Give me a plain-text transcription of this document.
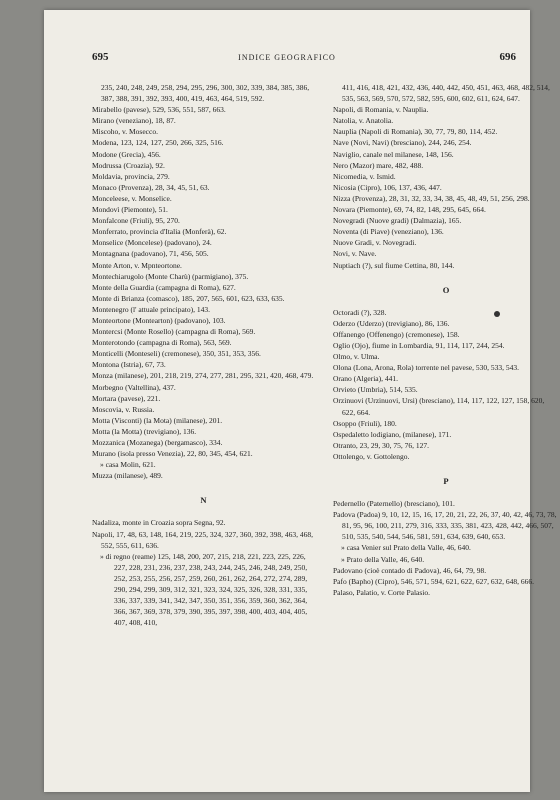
695	INDICE GEOGRAFICO	696

235, 240, 248, 249, 258, 294, 295, 296, 300, 302, 339, 384, 385, 386, 387, 388, 391, 392, 393, 400, 419, 463, 464, 519, 592.

Mirabello (pavese), 529, 536, 551, 587, 663.

Mirano (veneziano), 18, 87.

Miscoho, v. Mosecco.

Modena, 123, 124, 127, 250, 266, 325, 516.

Modone (Grecia), 456.

Modrussa (Croazia), 92.

Moldavia, provincia, 279.

Monaco (Provenza), 28, 34, 45, 51, 63.

Monceleese, v. Monselice.

Mondovì (Piemonte), 51.

Monfalcone (Friuli), 95, 270.

Monferrato, provincia d'Italia (Monferà), 62.

Monselice (Moncelese) (padovano), 24.

Montagnana (padovano), 71, 456, 505.

Monte Arton, v. Mpnteortone.

Montechiarugolo (Monte Charù) (parmigiano), 375.

Monte della Guardia (campagna di Roma), 627.

Monte di Brianza (comasco), 185, 207, 565, 601, 623, 633, 635.

Montenegro (l' attuale principato), 143.

Monteortone (Montearton) (padovano), 103.

Montercsi (Monte Rosello) (campagna di Roma), 569.

Monterotondo (campagna di Roma), 563, 569.

Monticelli (Monteseli) (cremonese), 350, 351, 353, 356.

Montona (Istria), 67, 73.

Monza (milanese), 201, 218, 219, 274, 277, 281, 295, 321, 420, 468, 479.

Morbegno (Valtellina), 437.

Mortara (pavese), 221.

Moscovia, v. Russia.

Motta (Visconti) (la Mota) (milanese), 201.

Motta (la Motta) (trevigiano), 136.

Mozzanica (Mozanega) (bergamasco), 334.

Murano (isola presso Venezia), 22, 80, 345, 454, 621.

» casa Molin, 621.

Muzza (milanese), 489.

N

Nadaliza, monte in Croazia sopra Segna, 92.

Napoli, 17, 48, 63, 148, 164, 219, 225, 324, 327, 360, 392, 398, 463, 468, 552, 555, 611, 636.

» di regno (reame) 125, 148, 200, 207, 215, 218, 221, 223, 225, 226, 227, 228, 231, 236, 237, 238, 243, 244, 245, 246, 248, 249, 250, 252, 253, 255, 256, 257, 259, 260, 261, 262, 264, 272, 274, 289, 290, 294, 299, 309, 312, 321, 323, 324, 325, 326, 328, 331, 335, 336, 337, 339, 341, 342, 347, 350, 351, 356, 359, 360, 362, 364, 366, 367, 369, 378, 379, 390, 395, 397, 398, 400, 403, 404, 405, 407, 408, 410,

411, 416, 418, 421, 432, 436, 440, 442, 450, 451, 463, 468, 482, 514, 535, 563, 569, 570, 572, 582, 595, 600, 602, 611, 624, 647.

Napoli, di Romania, v. Nauplia.

Natolia, v. Anatolia.

Nauplia (Napoli di Romania), 30, 77, 79, 80, 114, 452.

Nave (Novi, Navi) (bresciano), 244, 246, 254.

Naviglio, canale nel milanese, 148, 156.

Nero (Mazor) mare, 482, 488.

Nicomedia, v. Ismid.

Nicosia (Cipro), 106, 137, 436, 447.

Nizza (Provenza), 28, 31, 32, 33, 34, 38, 45, 48, 49, 51, 256, 298.

Novara (Piemonte), 69, 74, 82, 148, 295, 645, 664.

Novegradi (Nuove gradi) (Dalmazia), 165.

Noventa (di Piave) (veneziano), 136.

Nuove Gradi, v. Novegradi.

Novi, v. Nave.

Nuptiach (?), sul fiume Cettina, 80, 144.

O

Octoradi (?), 328.

Oderzo (Uderzo) (trevigiano), 86, 136.

Offanengo (Offenengo) (cremonese), 158.

Oglio (Ojo), fiume in Lombardia, 91, 114, 117, 244, 254.

Olmo, v. Ulma.

Olona (Lona, Arona, Rola) torrente nel pavese, 530, 533, 543.

Orano (Algeria), 441.

Orvieto (Umbria), 514, 535.

Orzinuovi (Urzinuovi, Ursi) (bresciano), 114, 117, 122, 127, 158, 620, 622, 664.

Osoppo (Friuli), 180.

Ospedaletto lodigiano, (milanese), 171.

Otranto, 23, 29, 30, 75, 76, 127.

Ottolengo, v. Gottolengo.

P

Pedernello (Paternello) (bresciano), 101.

Padova (Padoa) 9, 10, 12, 15, 16, 17, 20, 21, 22, 26, 37, 40, 42, 46, 73, 78, 81, 95, 96, 100, 211, 279, 316, 333, 335, 381, 423, 428, 442, 466, 507, 510, 535, 540, 544, 546, 581, 591, 634, 639, 640, 653.

» casa Venier sul Prato della Valle, 46, 640.

» Prato della Valle, 46, 640.

Padovano (cioè contado di Padova), 46, 64, 79, 98.

Pafo (Bapho) (Cipro), 546, 571, 594, 621, 622, 627, 632, 648, 666.

Palaso, Palatio, v. Corte Palasio.
